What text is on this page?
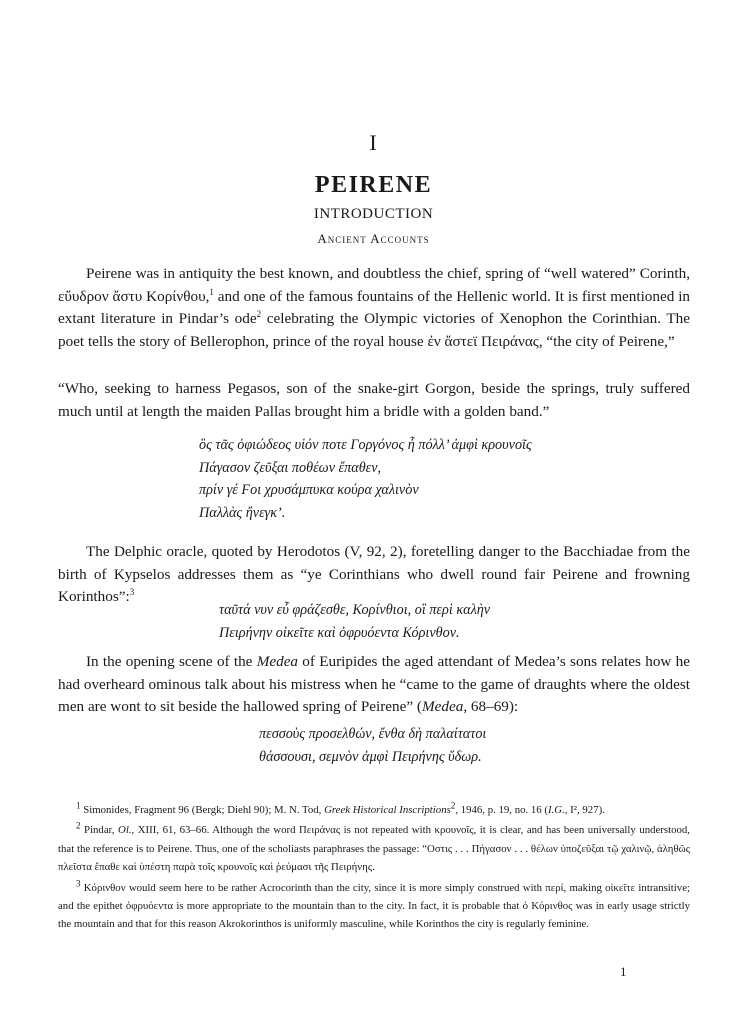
I
PEIRENE
INTRODUCTION
Ancient Accounts
Peirene was in antiquity the best known, and doubtless the chief, spring of “well watered” Corinth, εὔυδρον ἄστυ Κορίνθου,$^1$ and one of the famous fountains of the Hellenic world. It is first mentioned in extant literature in Pindar’s ode$^2$ celebrating the Olympic victories of Xenophon the Corinthian. The poet tells the story of Bellerophon, prince of the royal house ἐν ἄστεϊ Πειράνας, “the city of Peirene,”
“Who, seeking to harness Pegasos, son of the snake-girt Gorgon, beside the springs, truly suffered much until at length the maiden Pallas brought him a bridle with a golden band.”
ὃς τᾶς ὀφιώδεος υἱόν ποτε Γοργόνος ἦ πόλλ’ ἀμφὶ κρουνοῖς
Πάγασον ζεῦξαι ποθέων ἔπαθεν,
πρίν γέ Ϝοι χρυσάμπυκα κούρα χαλινὸν
Παλλὰς ἤνεγκ’.
The Delphic oracle, quoted by Herodotos (V, 92, 2), foretelling danger to the Bacchiadae from the birth of Kypselos addresses them as “ye Corinthians who dwell round fair Peirene and frowning Korinthos”:$^3$
ταῦτά νυν εὖ φράζεσθε, Κορίνθιοι, οἳ περὶ καλὴν
Πειρήνην οἰκεῖτε καὶ ὀφρυόεντα Κόρινθον.
In the opening scene of the Medea of Euripides the aged attendant of Medea’s sons relates how he had overheard ominous talk about his mistress when he “came to the game of draughts where the oldest men are wont to sit beside the hallowed spring of Peirene” (Medea, 68–69):
πεσσοὺς προσελθών, ἔνθα δὴ παλαίτατοι
θάσσουσι, σεμνὸν ἀμφὶ Πειρήνης ὕδωρ.

$^1$ Simonides, Fragment 96 (Bergk; Diehl 90); M. N. Tod, Greek Historical Inscriptions$^2$, 1946, p. 19, no. 16 (I.G., I², 927).

$^2$ Pindar, Ol., XIII, 61, 63–66. Although the word Πειράνας is not repeated with κρουνοῖς, it is clear, and has been universally understood, that the reference is to Peirene. Thus, one of the scholiasts paraphrases the passage: “Οστις . . . Πήγασον . . . θέλων ὑποζεῦξαι τῷ χαλινῷ, ἀληθῶς πλεῖστα ἔπαθε καὶ ὑπέστη παρὰ τοῖς κρουνοῖς καὶ ῥεύμασι τῆς Πειρήνης.

$^3$ Κόρινθον would seem here to be rather Acrocorinth than the city, since it is more simply construed with περί, making οἰκεῖτε intransitive; and the epithet ὀφρυόεντα is more appropriate to the mountain than to the city. In fact, it is probable that ὁ Κόρινθος was in early usage strictly the mountain and that for this reason Akrokorinthos is uniformly masculine, while Korinthos the city is regularly feminine.

1
